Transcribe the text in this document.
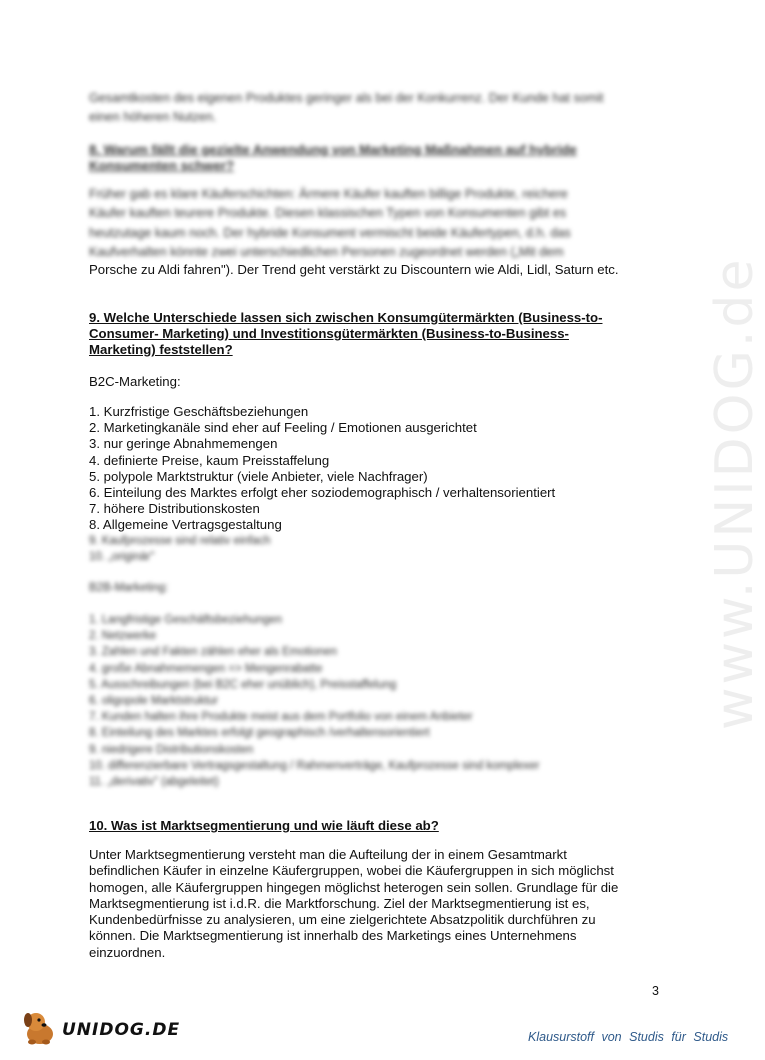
www.UNIDOG.de
Gesamtkosten des eigenen Produktes geringer als bei der Konkurrenz. Der Kunde hat somit
einen höheren Nutzen.
8. Warum fällt die gezielte Anwendung von Marketing Maßnahmen auf hybride
Konsumenten schwer?
Früher gab es klare Käuferschichten: Ärmere Käufer kauften billige Produkte, reichere
Käufer kauften teurere Produkte. Diesen klassischen Typen von Konsumenten gibt es
heutzutage kaum noch. Der hybride Konsument vermischt beide Käufertypen, d.h. das
Kaufverhalten könnte zwei unterschiedlichen Personen zugeordnet werden („Mit dem
Porsche zu Aldi fahren"). Der Trend geht verstärkt zu Discountern wie Aldi, Lidl, Saturn etc.
9. Welche Unterschiede lassen sich zwischen Konsumgütermärkten (Business-to-
Consumer- Marketing) und Investitionsgütermärkten (Business-to-Business-
Marketing) feststellen?
B2C-Marketing:
1. Kurzfristige Geschäftsbeziehungen
2. Marketingkanäle sind eher auf Feeling / Emotionen ausgerichtet
3. nur geringe Abnahmemengen
4. definierte Preise, kaum Preisstaffelung
5. polypole Marktstruktur (viele Anbieter, viele Nachfrager)
6. Einteilung des Marktes erfolgt eher soziodemographisch / verhaltensorientiert
7. höhere Distributionskosten
8. Allgemeine Vertragsgestaltung
9. Kaufprozesse sind relativ einfach
10. „originär"
B2B-Marketing:
1. Langfristige Geschäftsbeziehungen
2. Netzwerke
3. Zahlen und Fakten zählen eher als Emotionen
4. große Abnahmemengen => Mengenrabatte
5. Ausschreibungen (bei B2C eher unüblich), Preisstaffelung
6. oligopole Marktstruktur
7. Kunden halten ihre Produkte meist aus dem Portfolio von einem Anbieter
8. Einteilung des Marktes erfolgt geographisch /verhaltensorientiert
9. niedrigere Distributionskosten
10. differenzierbare Vertragsgestaltung / Rahmenverträge, Kaufprozesse sind komplexer
11. „derivativ" (abgeleitet)
10. Was ist Marktsegmentierung und wie läuft diese ab?
Unter Marktsegmentierung versteht man die Aufteilung der in einem Gesamtmarkt
befindlichen Käufer in einzelne Käufergruppen, wobei die Käufergruppen in sich möglichst
homogen, alle Käufergruppen hingegen möglichst heterogen sein sollen. Grundlage für die
Marktsegmentierung ist i.d.R. die Marktforschung. Ziel der Marktsegmentierung ist es,
Kundenbedürfnisse zu analysieren, um eine zielgerichtete Absatzpolitik durchführen zu
können. Die Marktsegmentierung ist innerhalb des Marketings eines Unternehmens
einzuordnen.
3
UNIDOG.DE	Klausurstoff von Studis für Studis
